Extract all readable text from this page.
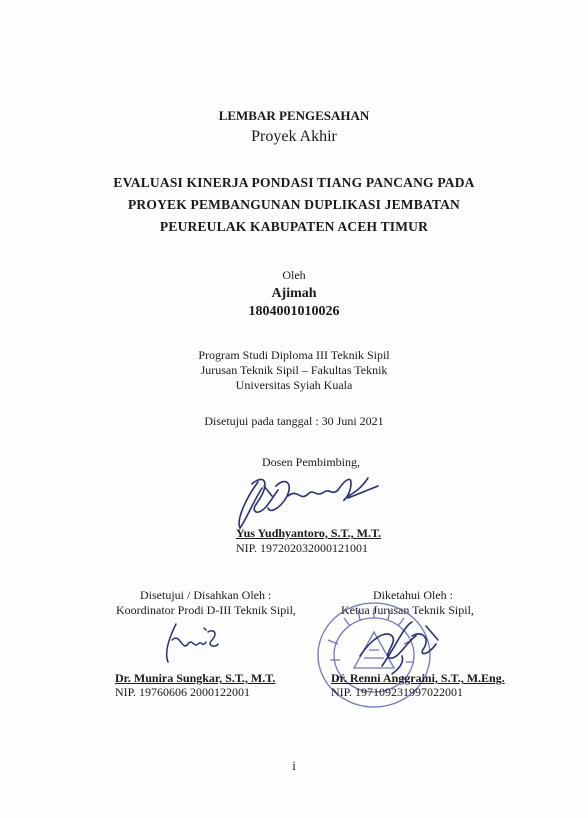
LEMBAR PENGESAHAN
Proyek Akhir
EVALUASI KINERJA PONDASI TIANG PANCANG PADA
PROYEK PEMBANGUNAN DUPLIKASI JEMBATAN
PEUREULAK KABUPATEN ACEH TIMUR
Oleh
Ajimah
1804001010026
Program Studi Diploma III Teknik Sipil
Jurusan Teknik Sipil – Fakultas Teknik
Universitas Syiah Kuala
Disetujui pada tanggal : 30 Juni 2021
Dosen Pembimbing,
Yus Yudhyantoro, S.T., M.T.
NIP. 197202032000121001
Disetujui / Disahkan Oleh :
Koordinator Prodi D-III Teknik Sipil,
Dr. Munira Sungkar, S.T., M.T.
NIP. 19760606 2000122001
Diketahui Oleh :
Ketua Jurusan Teknik Sipil,
Dr. Renni Anggraini, S.T., M.Eng.
NIP. 197109231997022001
i
